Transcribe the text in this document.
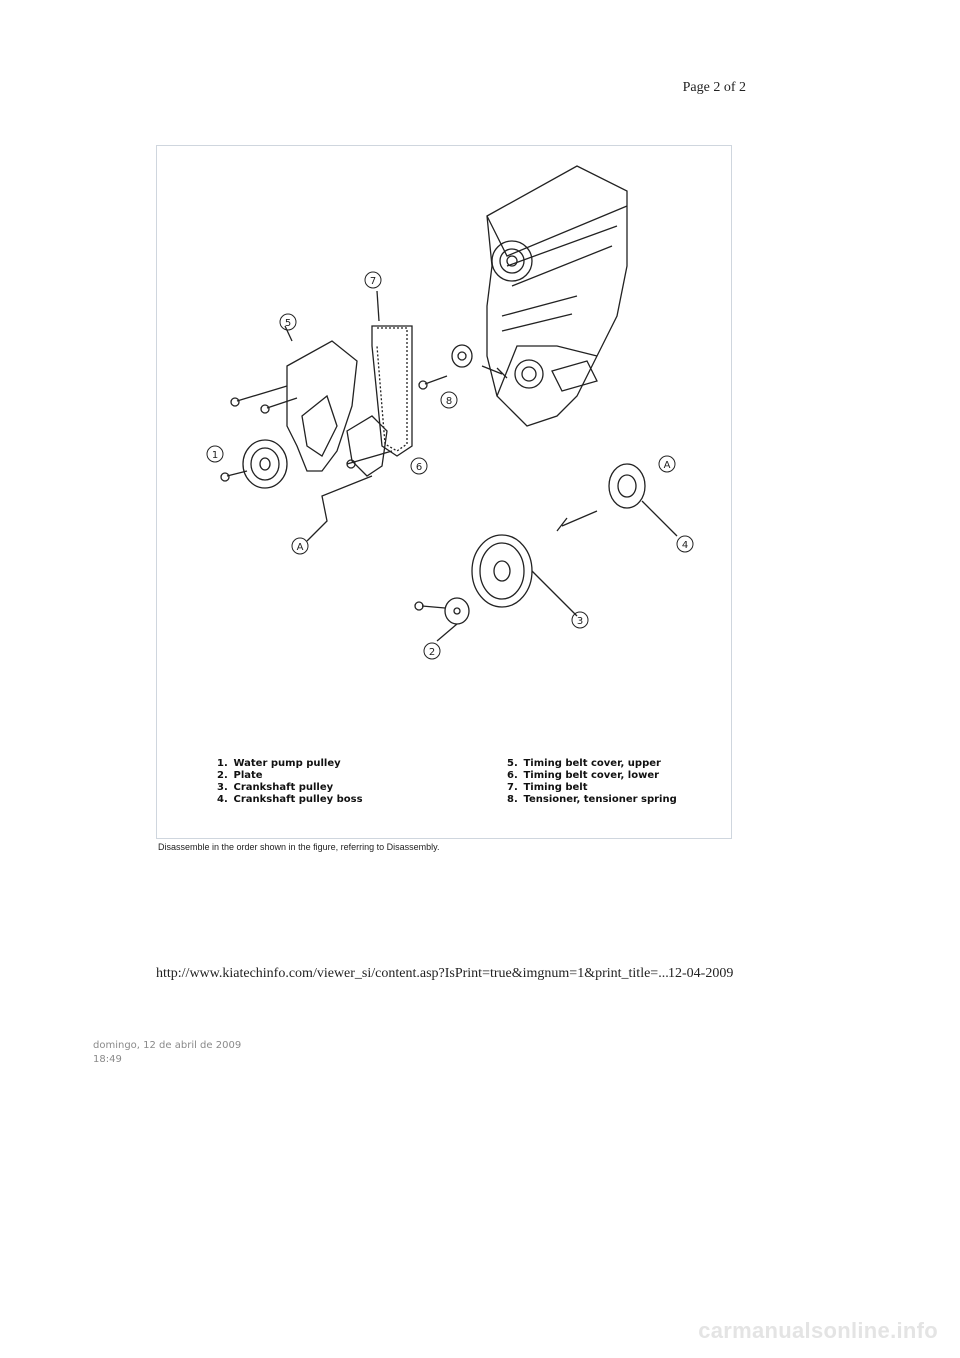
Page 2 of 2
1
2
3
4
5
6
7
8
A
A
1. Water pump pulley
2. Plate
3. Crankshaft pulley
4. Crankshaft pulley boss
5. Timing belt cover, upper
6. Timing belt cover, lower
7. Timing belt
8. Tensioner, tensioner spring
Disassemble in the order shown in the figure, referring to Disassembly.
http://www.kiatechinfo.com/viewer_si/content.asp?IsPrint=true&imgnum=1&print_title=... 12-04-2009
domingo, 12 de abril de 2009
18:49
carmanualsonline.info
